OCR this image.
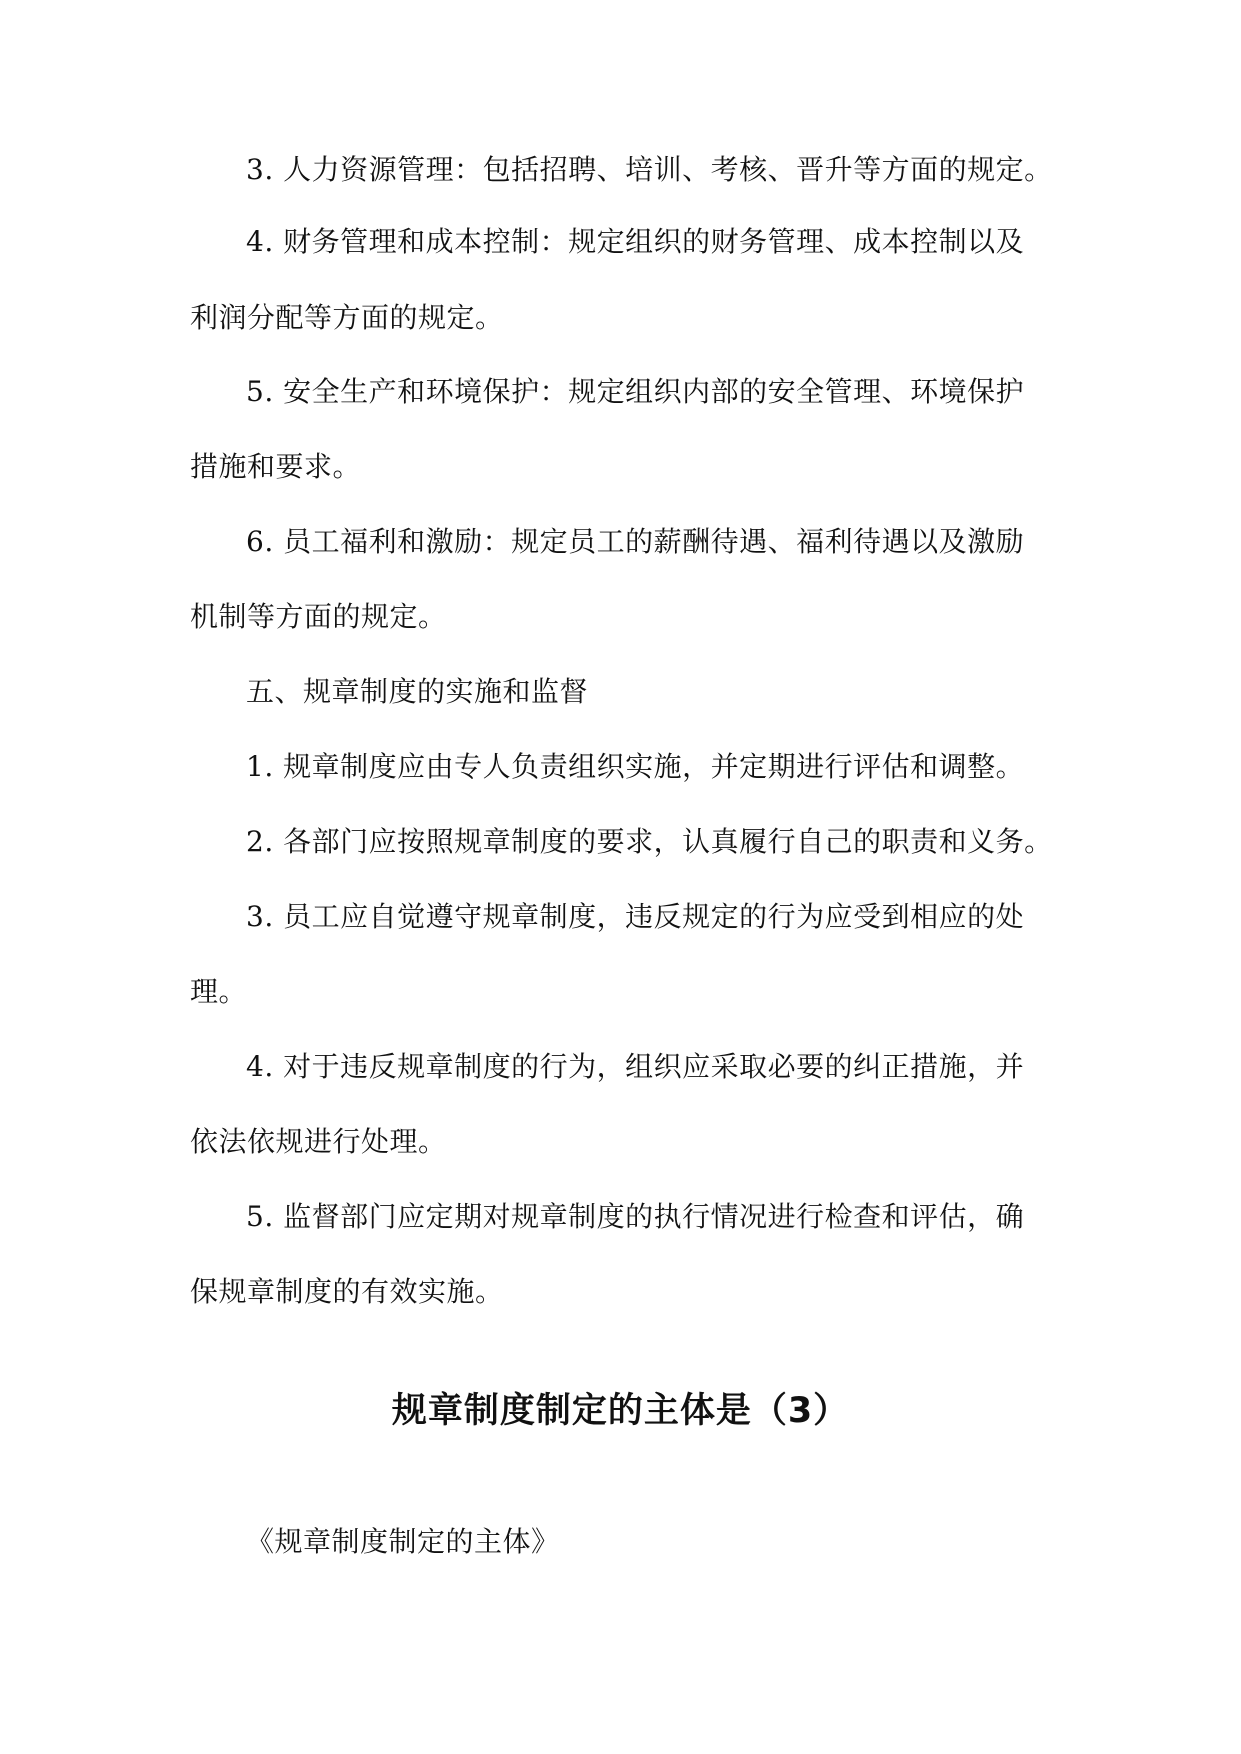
3. 人力资源管理：包括招聘、培训、考核、晋升等方面的规定。
4. 财务管理和成本控制：规定组织的财务管理、成本控制以及
利润分配等方面的规定。
5. 安全生产和环境保护：规定组织内部的安全管理、环境保护
措施和要求。
6. 员工福利和激励：规定员工的薪酬待遇、福利待遇以及激励
机制等方面的规定。
五、规章制度的实施和监督
1. 规章制度应由专人负责组织实施，并定期进行评估和调整。
2. 各部门应按照规章制度的要求，认真履行自己的职责和义务。
3. 员工应自觉遵守规章制度，违反规定的行为应受到相应的处
理。
4. 对于违反规章制度的行为，组织应采取必要的纠正措施，并
依法依规进行处理。
5. 监督部门应定期对规章制度的执行情况进行检查和评估，确
保规章制度的有效实施。
规章制度制定的主体是（3）
《规章制度制定的主体》
